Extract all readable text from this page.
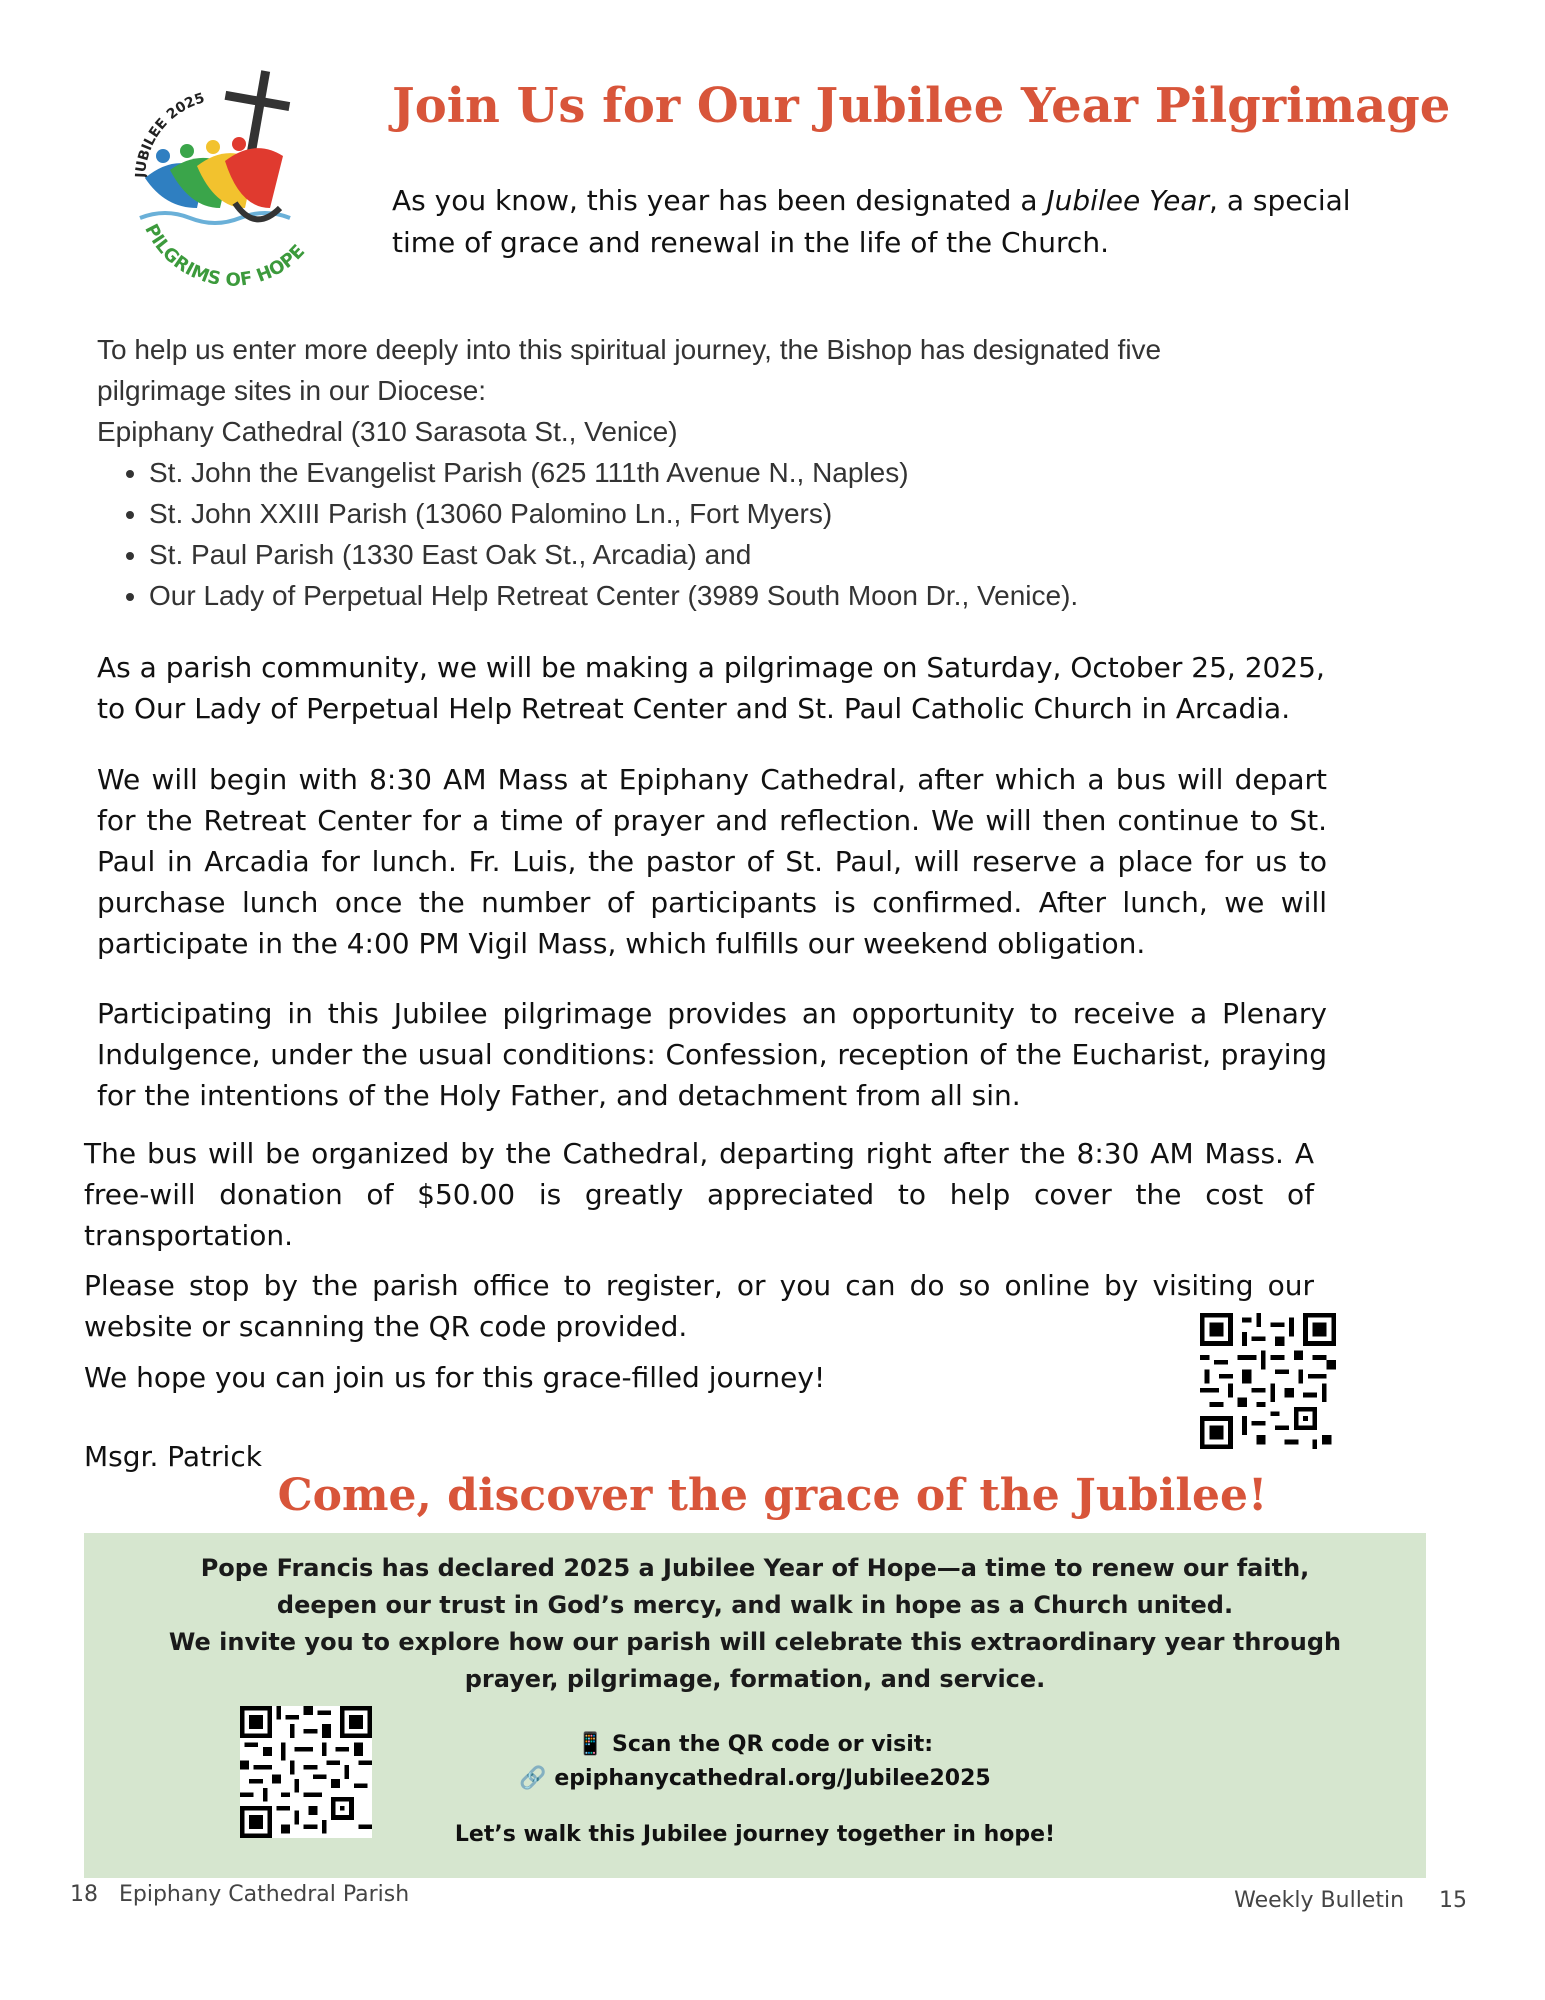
JUBILEE 2025
PILGRIMS OF HOPE
Join Us for Our Jubilee Year Pilgrimage
As you know, this year has been designated a Jubilee Year, a special time of grace and renewal in the life of the Church.
To help us enter more deeply into this spiritual journey, the Bishop has designated five pilgrimage sites in our Diocese:
Epiphany Cathedral (310 Sarasota St., Venice)
• St. John the Evangelist Parish (625 111th Avenue N., Naples)
• St. John XXIII Parish (13060 Palomino Ln., Fort Myers)
• St. Paul Parish (1330 East Oak St., Arcadia) and
• Our Lady of Perpetual Help Retreat Center (3989 South Moon Dr., Venice).
As a parish community, we will be making a pilgrimage on Saturday, October 25, 2025, to Our Lady of Perpetual Help Retreat Center and St. Paul Catholic Church in Arcadia.
We will begin with 8:30 AM Mass at Epiphany Cathedral, after which a bus will depart for the Retreat Center for a time of prayer and reflection. We will then continue to St. Paul in Arcadia for lunch. Fr. Luis, the pastor of St. Paul, will reserve a place for us to purchase lunch once the number of participants is confirmed. After lunch, we will participate in the 4:00 PM Vigil Mass, which fulfills our weekend obligation.
Participating in this Jubilee pilgrimage provides an opportunity to receive a Plenary Indulgence, under the usual conditions: Confession, reception of the Eucharist, praying for the intentions of the Holy Father, and detachment from all sin.
The bus will be organized by the Cathedral, departing right after the 8:30 AM Mass. A free-will donation of $50.00 is greatly appreciated to help cover the cost of transportation.
Please stop by the parish office to register, or you can do so online by visiting our website or scanning the QR code provided.
We hope you can join us for this grace-filled journey!
Msgr. Patrick
Come, discover the grace of the Jubilee!
Pope Francis has declared 2025 a Jubilee Year of Hope—a time to renew our faith,
deepen our trust in God’s mercy, and walk in hope as a Church united.
We invite you to explore how our parish will celebrate this extraordinary year through
prayer, pilgrimage, formation, and service.
📱 Scan the QR code or visit:
🔗 epiphanycathedral.org/Jubilee2025
Let’s walk this Jubilee journey together in hope!
18 Epiphany Cathedral Parish	Weekly Bulletin 15
